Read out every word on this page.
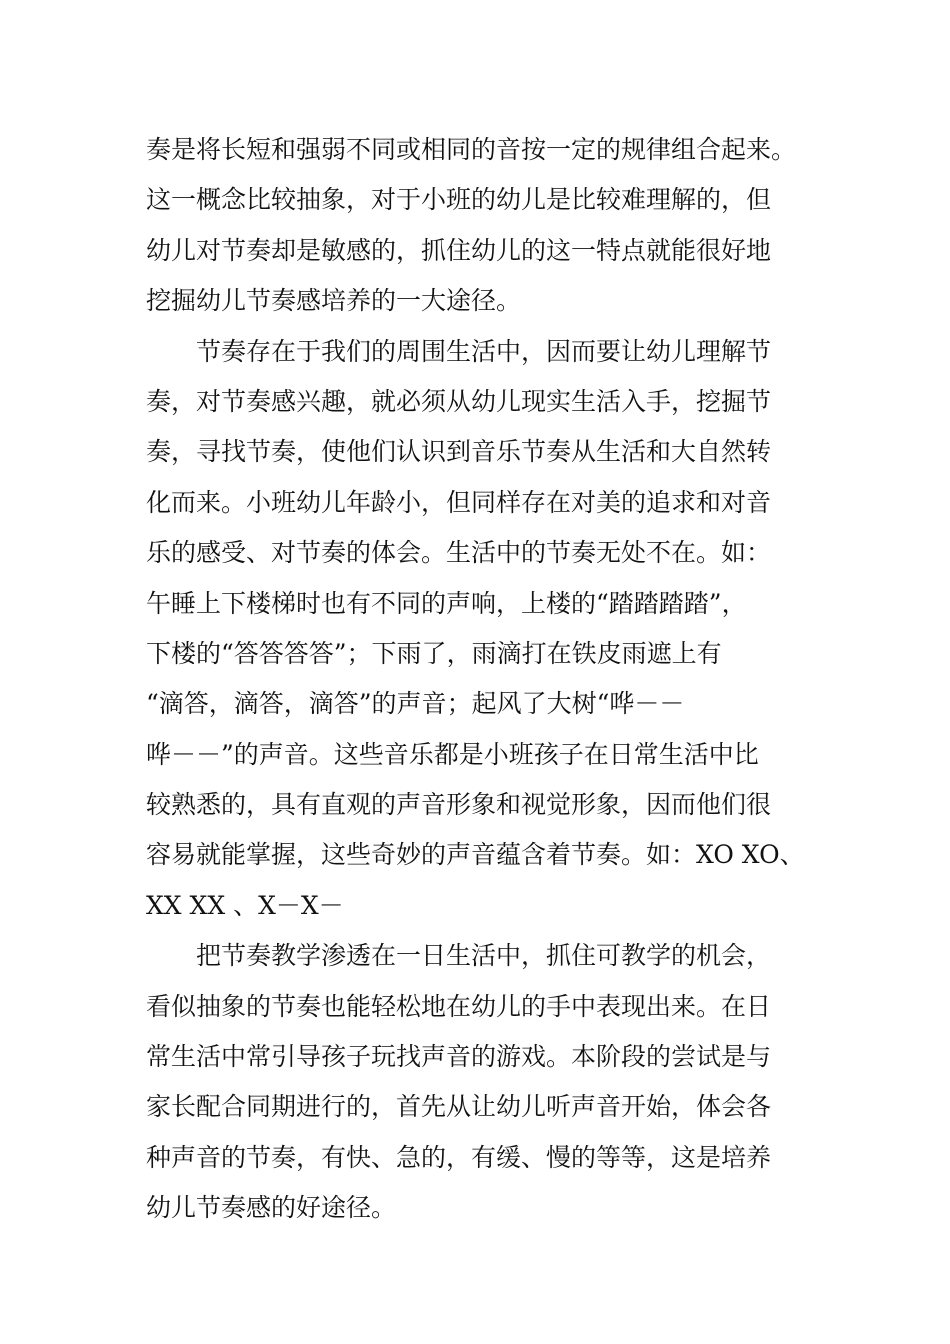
奏是将长短和强弱不同或相同的音按一定的规律组合起来。
这一概念比较抽象，对于小班的幼儿是比较难理解的，但
幼儿对节奏却是敏感的，抓住幼儿的这一特点就能很好地
挖掘幼儿节奏感培养的一大途径。
节奏存在于我们的周围生活中，因而要让幼儿理解节
奏，对节奏感兴趣，就必须从幼儿现实生活入手，挖掘节
奏，寻找节奏，使他们认识到音乐节奏从生活和大自然转
化而来。小班幼儿年龄小，但同样存在对美的追求和对音
乐的感受、对节奏的体会。生活中的节奏无处不在。如：
午睡上下楼梯时也有不同的声响，上楼的“踏踏踏踏”，
下楼的“答答答答”；下雨了，雨滴打在铁皮雨遮上有
“滴答，滴答，滴答”的声音；起风了大树“哗－－
哗－－”的声音。这些音乐都是小班孩子在日常生活中比
较熟悉的，具有直观的声音形象和视觉形象，因而他们很
容易就能掌握，这些奇妙的声音蕴含着节奏。如：XO XO、
XX XX 、X－X－
把节奏教学渗透在一日生活中，抓住可教学的机会，
看似抽象的节奏也能轻松地在幼儿的手中表现出来。在日
常生活中常引导孩子玩找声音的游戏。本阶段的尝试是与
家长配合同期进行的，首先从让幼儿听声音开始，体会各
种声音的节奏，有快、急的，有缓、慢的等等，这是培养
幼儿节奏感的好途径。
